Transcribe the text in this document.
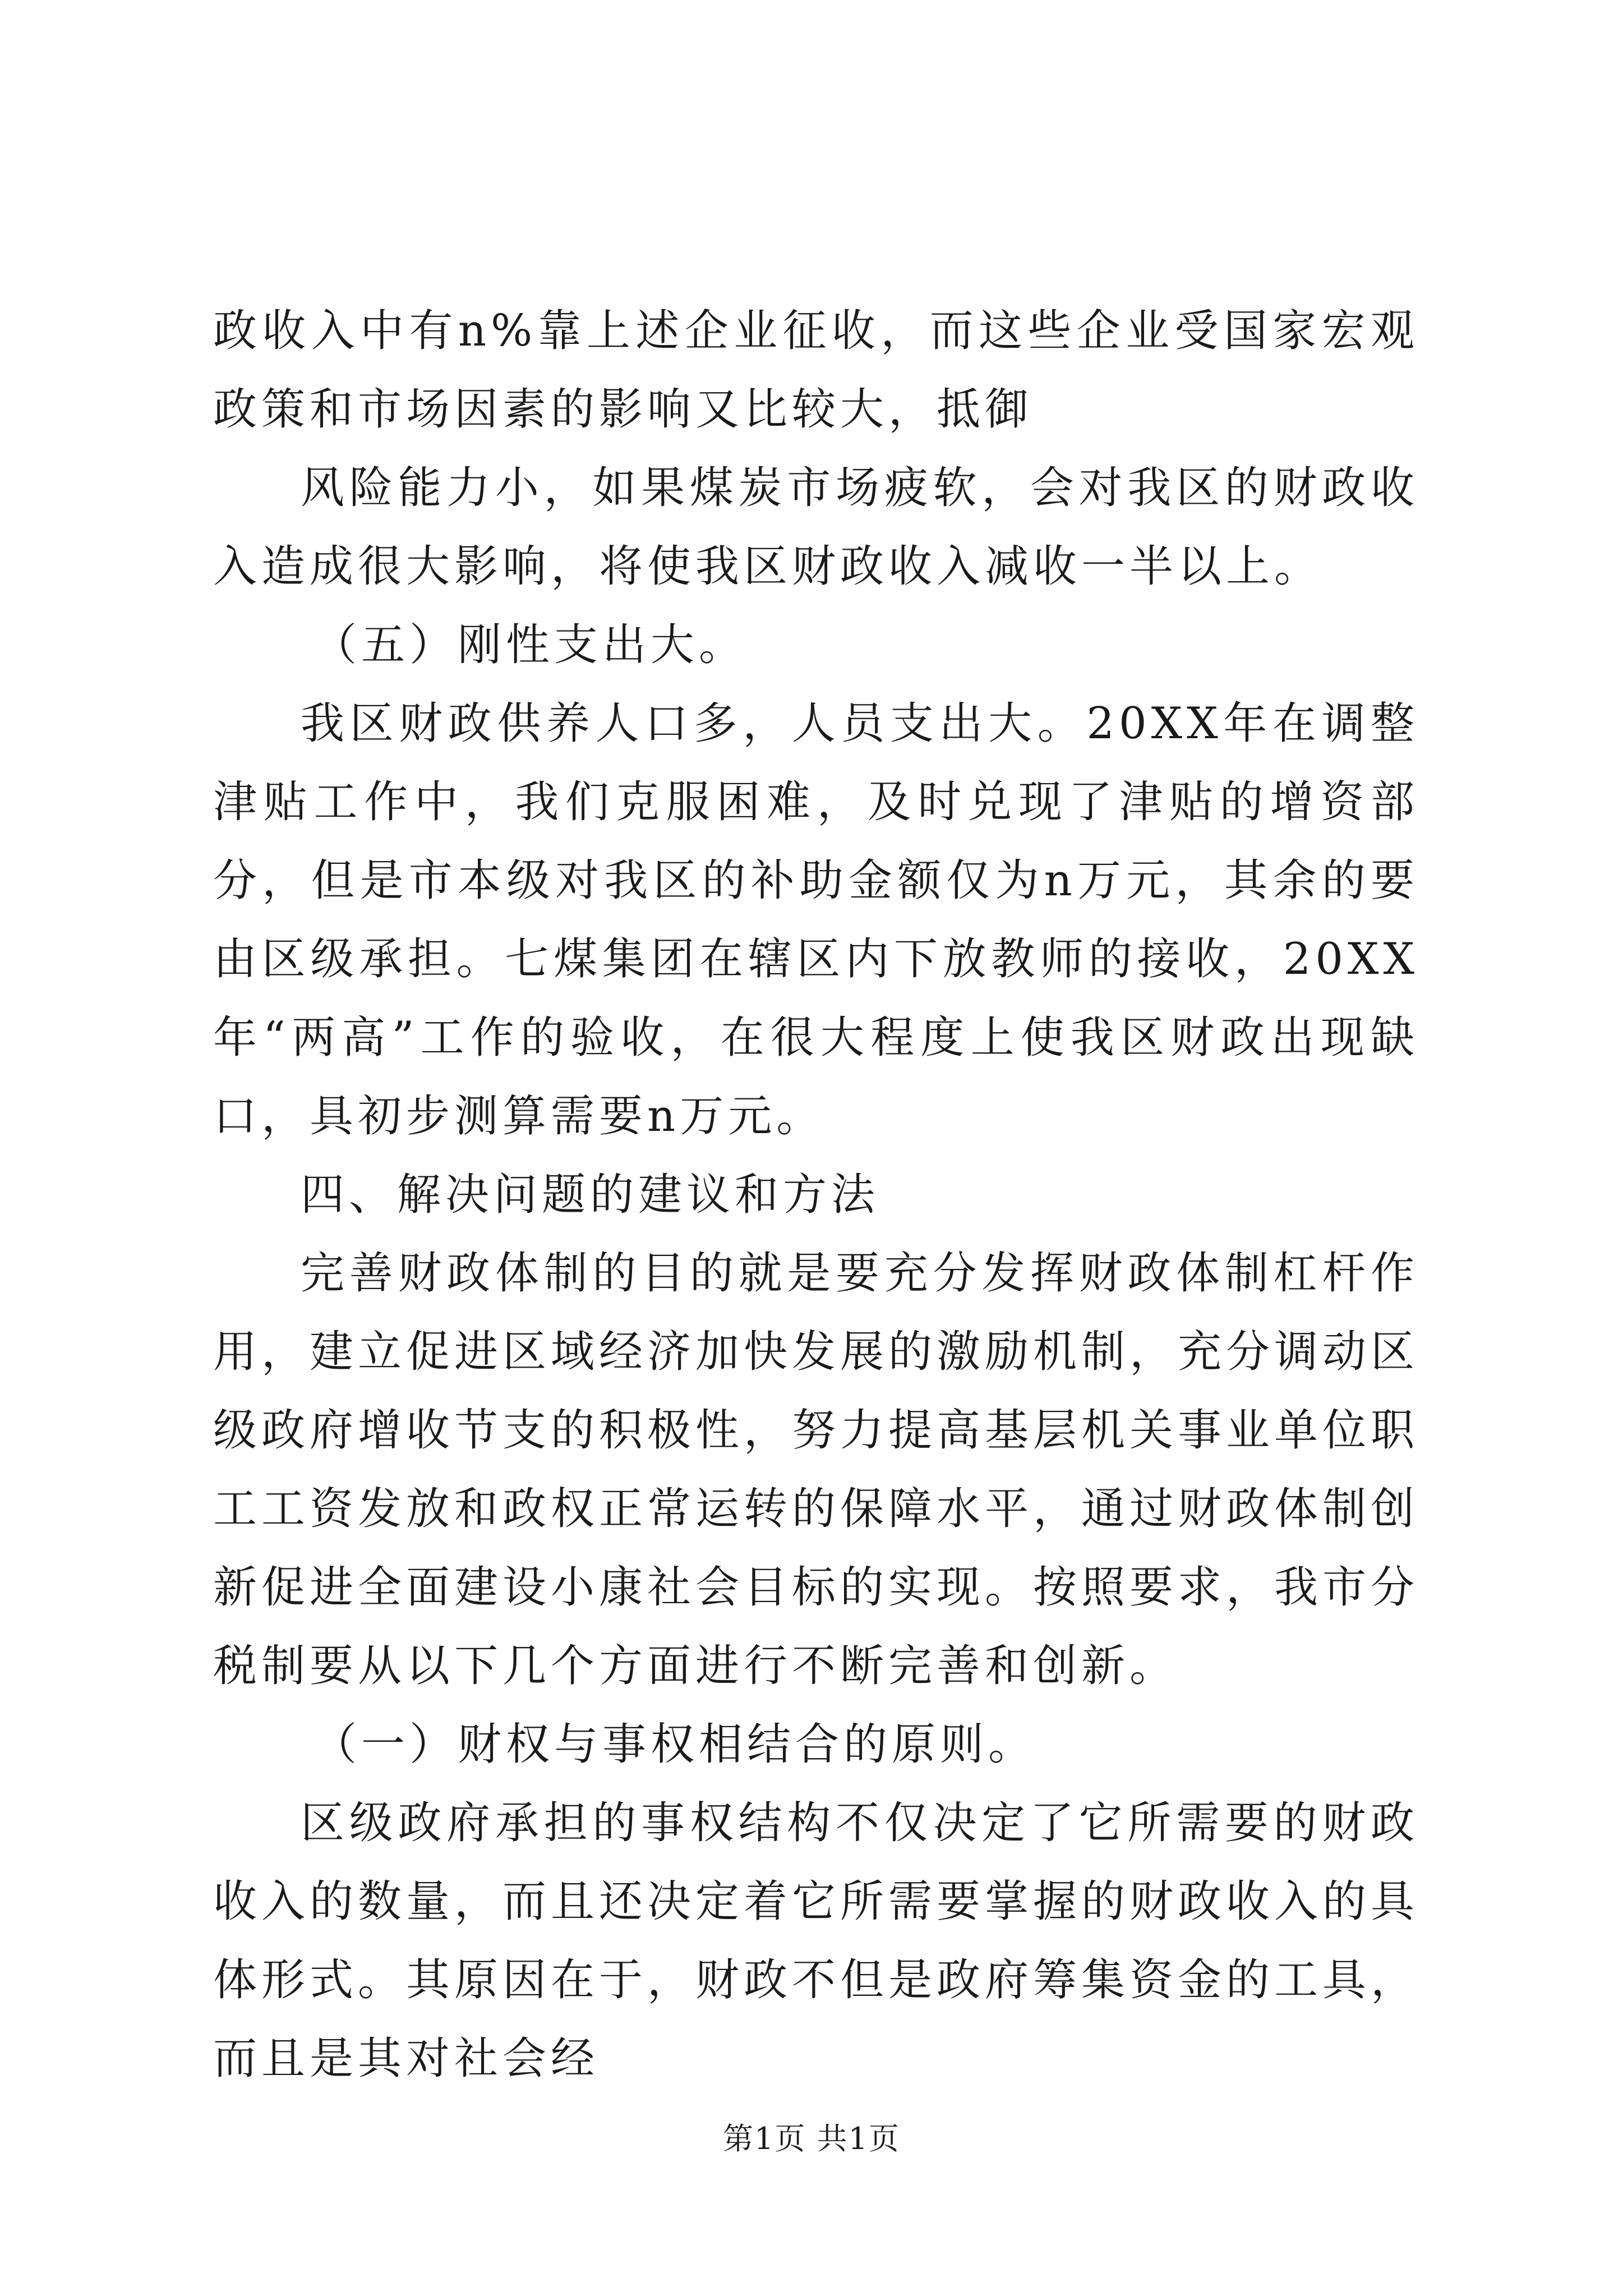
政收入中有n%靠上述企业征收，而这些企业受国家宏观政策和市场因素的影响又比较大，抵御

风险能力小，如果煤炭市场疲软，会对我区的财政收入造成很大影响，将使我区财政收入减收一半以上。

（五）刚性支出大。

我区财政供养人口多，人员支出大。20XX年在调整津贴工作中，我们克服困难，及时兑现了津贴的增资部分，但是市本级对我区的补助金额仅为n万元，其余的要由区级承担。七煤集团在辖区内下放教师的接收，20XX年“两高”工作的验收，在很大程度上使我区财政出现缺口，具初步测算需要n万元。

四、解决问题的建议和方法

完善财政体制的目的就是要充分发挥财政体制杠杆作用，建立促进区域经济加快发展的激励机制，充分调动区级政府增收节支的积极性，努力提高基层机关事业单位职工工资发放和政权正常运转的保障水平，通过财政体制创新促进全面建设小康社会目标的实现。按照要求，我市分税制要从以下几个方面进行不断完善和创新。

（一）财权与事权相结合的原则。

区级政府承担的事权结构不仅决定了它所需要的财政收入的数量，而且还决定着它所需要掌握的财政收入的具体形式。其原因在于，财政不但是政府筹集资金的工具，而且是其对社会经

第1页 共1页
